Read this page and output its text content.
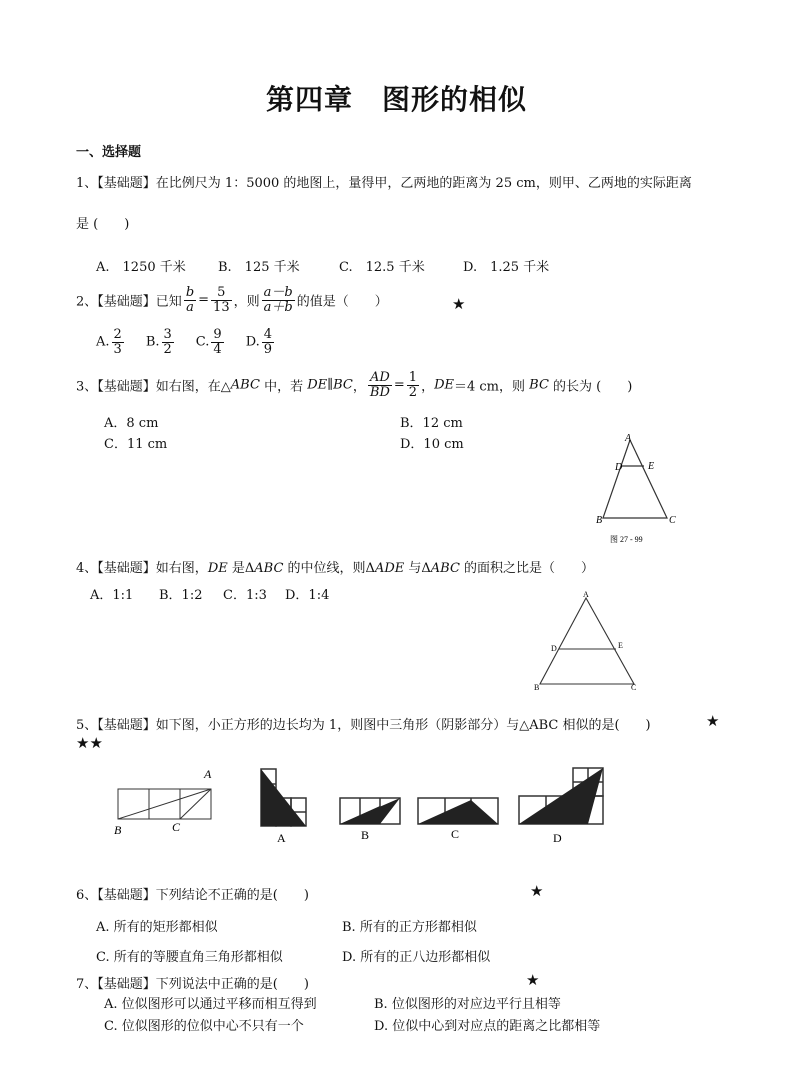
第四章　图形的相似
一、选择题
1、【基础题】在比例尺为 1：5000 的地图上，量得甲，乙两地的距离为 25 cm，则甲、乙两地的实际距离
是 (　　)
A.　1250 千米 B.　125 千米	C.　12.5 千米	D.　1.25 千米
2、【基础题】已知 $\frac{b}{a} = \frac{5}{13}$ ，则 $\frac{a-b}{a+b}$ 的值是（　　）	★
A. $\frac{2}{3} B$. $\frac{3}{2} C$. $\frac{9}{4} D$. $\frac{4}{9}$
3、【基础题】如右图，在△ABC 中，若 DE∥BC， $\frac{AD}{BD} = \frac{1}{2}$ ，DE＝4 cm，则 BC 的长为 (　　)
A．8 cm	B．12 cm
C．11 cm	D．10 cm	A
D	E
B	C
图 27 - 99
4、【基础题】如右图，DE 是ΔABC 的中位线，则ΔADE 与ΔABC 的面积之比是（　　）
A．1:1 B．1:2 C．1:3 D．1:4	A
D	E
B	C
5、【基础题】如下图，小正方形的边长均为 1，则图中三角形（阴影部分）与△ABC 相似的是(　　)	★
★★
A
B	C
A	B	C	D
6、【基础题】下列结论不正确的是(　　)	★
A. 所有的矩形都相似	B. 所有的正方形都相似
C. 所有的等腰直角三角形都相似	D. 所有的正八边形都相似
7、【基础题】下列说法中正确的是(　　)	★
A. 位似图形可以通过平移而相互得到	B. 位似图形的对应边平行且相等
C. 位似图形的位似中心不只有一个	D. 位似中心到对应点的距离之比都相等
